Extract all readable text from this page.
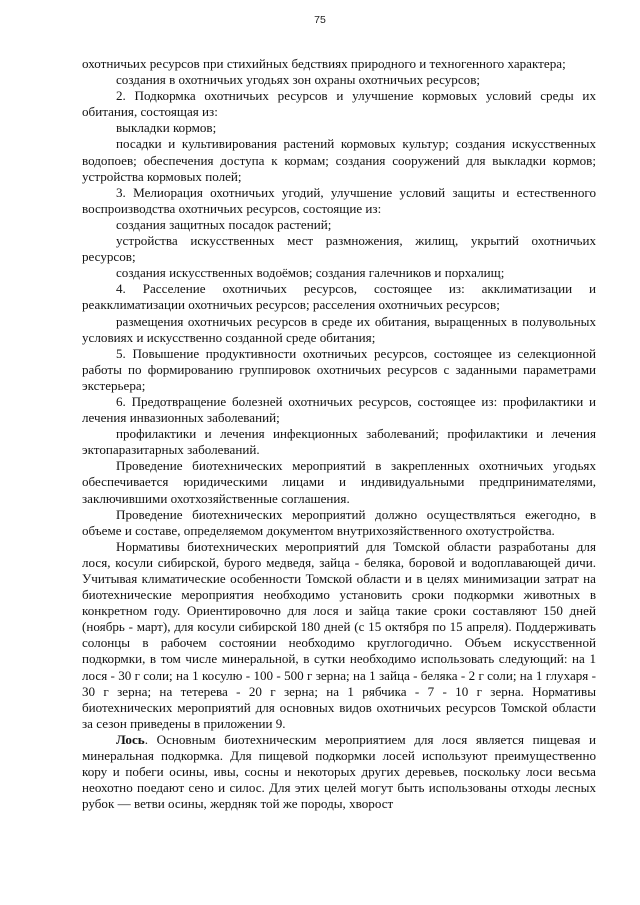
75

охотничьих ресурсов при стихийных бедствиях природного и техногенного характера;

создания в охотничьих угодьях зон охраны охотничьих ресурсов;

2. Подкормка охотничьих ресурсов и улучшение кормовых условий среды их обитания, состоящая из:

выкладки кормов;

посадки и культивирования растений кормовых культур; создания искусственных водопоев; обеспечения доступа к кормам; создания сооружений для выкладки кормов; устройства кормовых полей;

3. Мелиорация охотничьих угодий, улучшение условий защиты и естественного воспроизводства охотничьих ресурсов, состоящие из:

создания защитных посадок растений;

устройства искусственных мест размножения, жилищ, укрытий охотничьих ресурсов;

создания искусственных водоёмов; создания галечников и порхалищ;

4. Расселение охотничьих ресурсов, состоящее из: акклиматизации и реакклиматизации охотничьих ресурсов; расселения охотничьих ресурсов;

размещения охотничьих ресурсов в среде их обитания, выращенных в полувольных условиях и искусственно созданной среде обитания;

5. Повышение продуктивности охотничьих ресурсов, состоящее из селекционной работы по формированию группировок охотничьих ресурсов с заданными параметрами экстерьера;

6. Предотвращение болезней охотничьих ресурсов, состоящее из: профилактики и лечения инвазионных заболеваний;

профилактики и лечения инфекционных заболеваний; профилактики и лечения эктопаразитарных заболеваний.

Проведение биотехнических мероприятий в закрепленных охотничьих угодьях обеспечивается юридическими лицами и индивидуальными предпринимателями, заключившими охотхозяйственные соглашения.

Проведение биотехнических мероприятий должно осуществляться ежегодно, в объеме и составе, определяемом документом внутрихозяйственного охотустройства.

Нормативы биотехнических мероприятий для Томской области разработаны для лося, косули сибирской, бурого медведя, зайца - беляка, боровой и водоплавающей дичи. Учитывая климатические особенности Томской области и в целях минимизации затрат на биотехнические мероприятия необходимо установить сроки подкормки животных в конкретном году. Ориентировочно для лося и зайца такие сроки составляют 150 дней (ноябрь - март), для косули сибирской 180 дней (с 15 октября по 15 апреля). Поддерживать солонцы в рабочем состоянии необходимо круглогодично. Объем искусственной подкормки, в том числе минеральной, в сутки необходимо использовать следующий: на 1 лося - 30 г соли; на 1 косулю - 100 - 500 г зерна; на 1 зайца - беляка - 2 г соли; на 1 глухаря - 30 г зерна; на тетерева - 20 г зерна; на 1 рябчика - 7 - 10 г зерна. Нормативы биотехнических мероприятий для основных видов охотничьих ресурсов Томской области за сезон приведены в приложении 9.

Лось. Основным биотехническим мероприятием для лося является пищевая и минеральная подкормка. Для пищевой подкормки лосей используют преимущественно кору и побеги осины, ивы, сосны и некоторых других деревьев, поскольку лоси весьма неохотно поедают сено и силос. Для этих целей могут быть использованы отходы лесных рубок — ветви осины, жердняк той же породы, хворост
